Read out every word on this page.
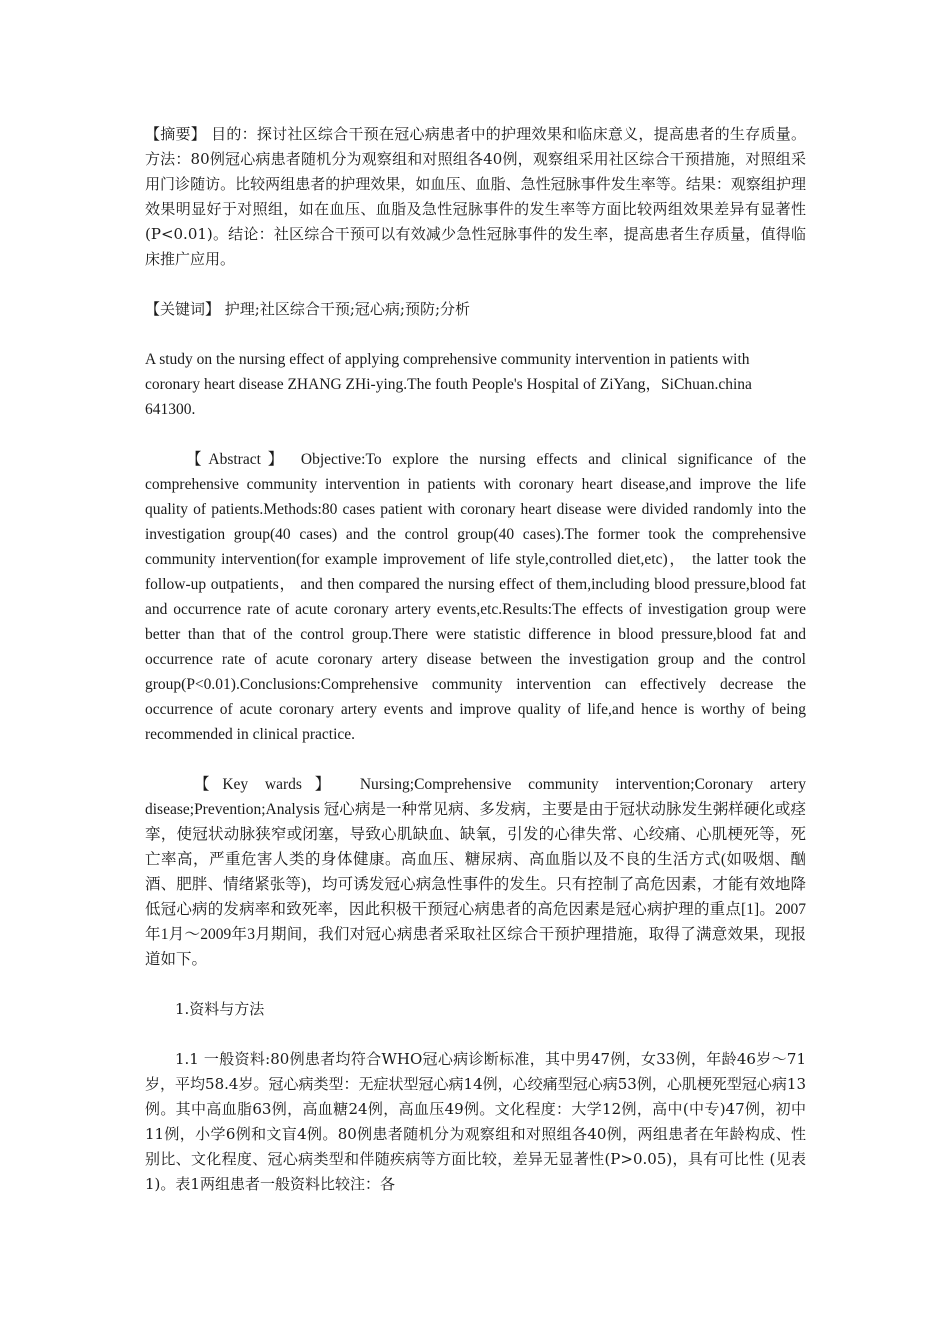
【摘要】 目的：探讨社区综合干预在冠心病患者中的护理效果和临床意义，提高患者的生存质量。方法：80例冠心病患者随机分为观察组和对照组各40例，观察组采用社区综合干预措施，对照组采用门诊随访。比较两组患者的护理效果，如血压、血脂、急性冠脉事件发生率等。结果：观察组护理效果明显好于对照组，如在血压、血脂及急性冠脉事件的发生率等方面比较两组效果差异有显著性(P<0.01)。结论：社区综合干预可以有效减少急性冠脉事件的发生率，提高患者生存质量，值得临床推广应用。

【关键词】 护理;社区综合干预;冠心病;预防;分析

A study on the nursing effect of applying comprehensive community intervention in patients with coronary heart disease ZHANG ZHi-ying.The fouth People's Hospital of ZiYang，SiChuan.china 641300.

【Abstract】 Objective:To explore the nursing effects and clinical significance of the comprehensive community intervention in patients with coronary heart disease,and improve the life quality of patients.Methods:80 cases patient with coronary heart disease were divided randomly into the investigation group(40 cases) and the control group(40 cases).The former took the comprehensive community intervention(for example improvement of life style,controlled diet,etc)， the latter took the follow-up outpatients， and then compared the nursing effect of them,including blood pressure,blood fat and occurrence rate of acute coronary artery events,etc.Results:The effects of investigation group were better than that of the control group.There were statistic difference in blood pressure,blood fat and occurrence rate of acute coronary artery disease between the investigation group and the control group(P<0.01).Conclusions:Comprehensive community intervention can effectively decrease the occurrence of acute coronary artery events and improve quality of life,and hence is worthy of being recommended in clinical practice.

【Key wards】 Nursing;Comprehensive community intervention;Coronary artery disease;Prevention;Analysis 冠心病是一种常见病、多发病，主要是由于冠状动脉发生粥样硬化或痉挛，使冠状动脉狭窄或闭塞，导致心肌缺血、缺氧，引发的心律失常、心绞痛、心肌梗死等，死亡率高，严重危害人类的身体健康。高血压、糖尿病、高血脂以及不良的生活方式(如吸烟、酗酒、肥胖、情绪紧张等)，均可诱发冠心病急性事件的发生。只有控制了高危因素，才能有效地降低冠心病的发病率和致死率，因此积极干预冠心病患者的高危因素是冠心病护理的重点[1]。2007年1月～2009年3月期间，我们对冠心病患者采取社区综合干预护理措施，取得了满意效果，现报道如下。

1.资料与方法

1.1 一般资料:80例患者均符合WHO冠心病诊断标准，其中男47例，女33例，年龄46岁～71岁，平均58.4岁。冠心病类型：无症状型冠心病14例，心绞痛型冠心病53例，心肌梗死型冠心病13例。其中高血脂63例，高血糖24例，高血压49例。文化程度：大学12例，高中(中专)47例，初中11例，小学6例和文盲4例。80例患者随机分为观察组和对照组各40例，两组患者在年龄构成、性别比、文化程度、冠心病类型和伴随疾病等方面比较，差异无显著性(P>0.05)，具有可比性 (见表1)。表1两组患者一般资料比较注：各
